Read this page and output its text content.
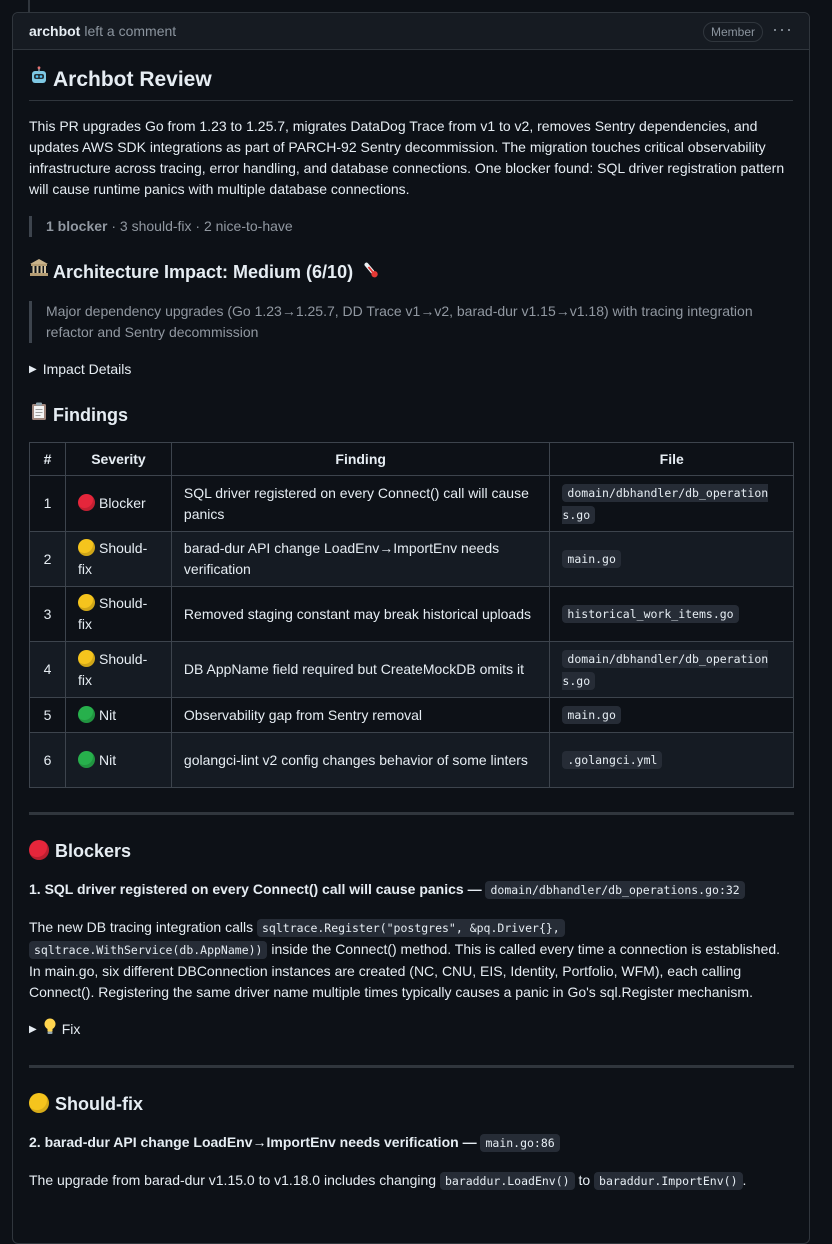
archbot left a comment	Member ···
Archbot Review

This PR upgrades Go from 1.23 to 1.25.7, migrates DataDog Trace from v1 to v2, removes Sentry dependencies, and updates AWS SDK integrations as part of PARCH-92 Sentry decommission. The migration touches critical observability infrastructure across tracing, error handling, and database connections. One blocker found: SQL driver registration pattern will cause runtime panics with multiple database connections.

1 blocker · 3 should-fix · 2 nice-to-have
Architecture Impact: Medium (6/10)
Major dependency upgrades (Go 1.23→1.25.7, DD Trace v1→v2, barad-dur v1.15→v1.18) with tracing integration refactor and Sentry decommission
▶ Impact Details
Findings
#	Severity	Finding	File
1	Blocker	SQL driver registered on every Connect() call will cause panics	domain/dbhandler/db_operations.go
2	Should-fix	barad-dur API change LoadEnv→ImportEnv needs verification	main.go
3	Should-fix	Removed staging constant may break historical uploads	historical_work_items.go
4	Should-fix	DB AppName field required but CreateMockDB omits it	domain/dbhandler/db_operations.go
5	Nit	Observability gap from Sentry removal	main.go
6	Nit	golangci-lint v2 config changes behavior of some linters	.golangci.yml
Blockers

1. SQL driver registered on every Connect() call will cause panics — domain/dbhandler/db_operations.go:32

The new DB tracing integration calls sqltrace.Register("postgres", &pq.Driver{},
sqltrace.WithService(db.AppName)) inside the Connect() method. This is called every time a connection is established. In main.go, six different DBConnection instances are created (NC, CNU, EIS, Identity, Portfolio, WFM), each calling Connect(). Registering the same driver name multiple times typically causes a panic in Go's sql.Register mechanism.

▶ Fix
Should-fix

2. barad-dur API change LoadEnv→ImportEnv needs verification — main.go:86

The upgrade from barad-dur v1.15.0 to v1.18.0 includes changing baraddur.LoadEnv() to baraddur.ImportEnv() .
